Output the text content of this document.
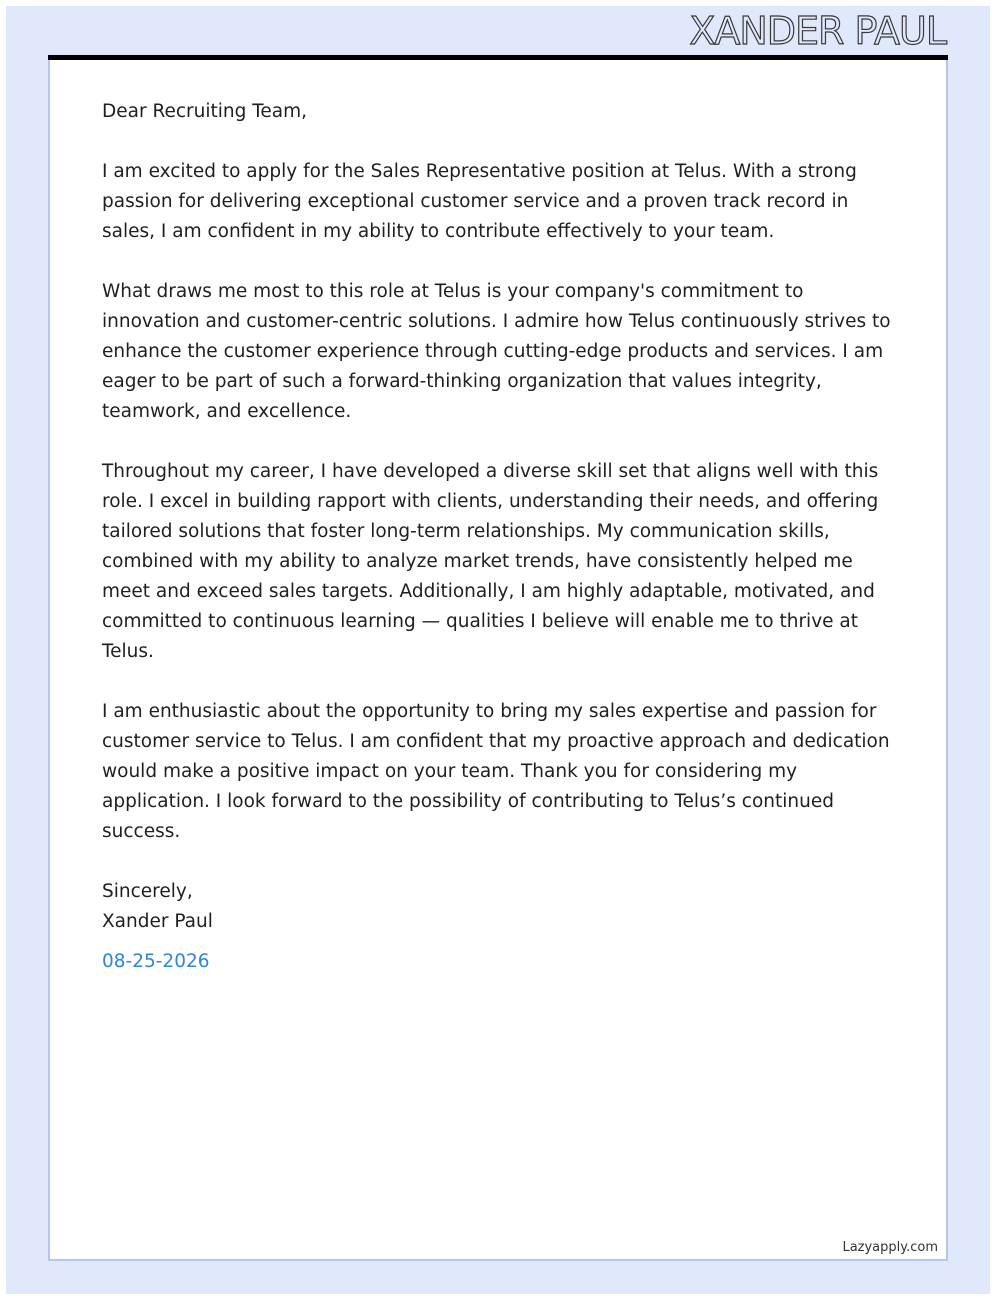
XANDER PAUL

Dear Recruiting Team,

I am excited to apply for the Sales Representative position at Telus. With a strong passion for delivering exceptional customer service and a proven track record in sales, I am confident in my ability to contribute effectively to your team.

What draws me most to this role at Telus is your company's commitment to innovation and customer-centric solutions. I admire how Telus continuously strives to enhance the customer experience through cutting-edge products and services. I am eager to be part of such a forward-thinking organization that values integrity, teamwork, and excellence.

Throughout my career, I have developed a diverse skill set that aligns well with this role. I excel in building rapport with clients, understanding their needs, and offering tailored solutions that foster long-term relationships. My communication skills, combined with my ability to analyze market trends, have consistently helped me meet and exceed sales targets. Additionally, I am highly adaptable, motivated, and committed to continuous learning — qualities I believe will enable me to thrive at Telus.

I am enthusiastic about the opportunity to bring my sales expertise and passion for customer service to Telus. I am confident that my proactive approach and dedication would make a positive impact on your team. Thank you for considering my application. I look forward to the possibility of contributing to Telus’s continued success.

Sincerely,
Xander Paul
08-25-2026
Lazyapply.com
